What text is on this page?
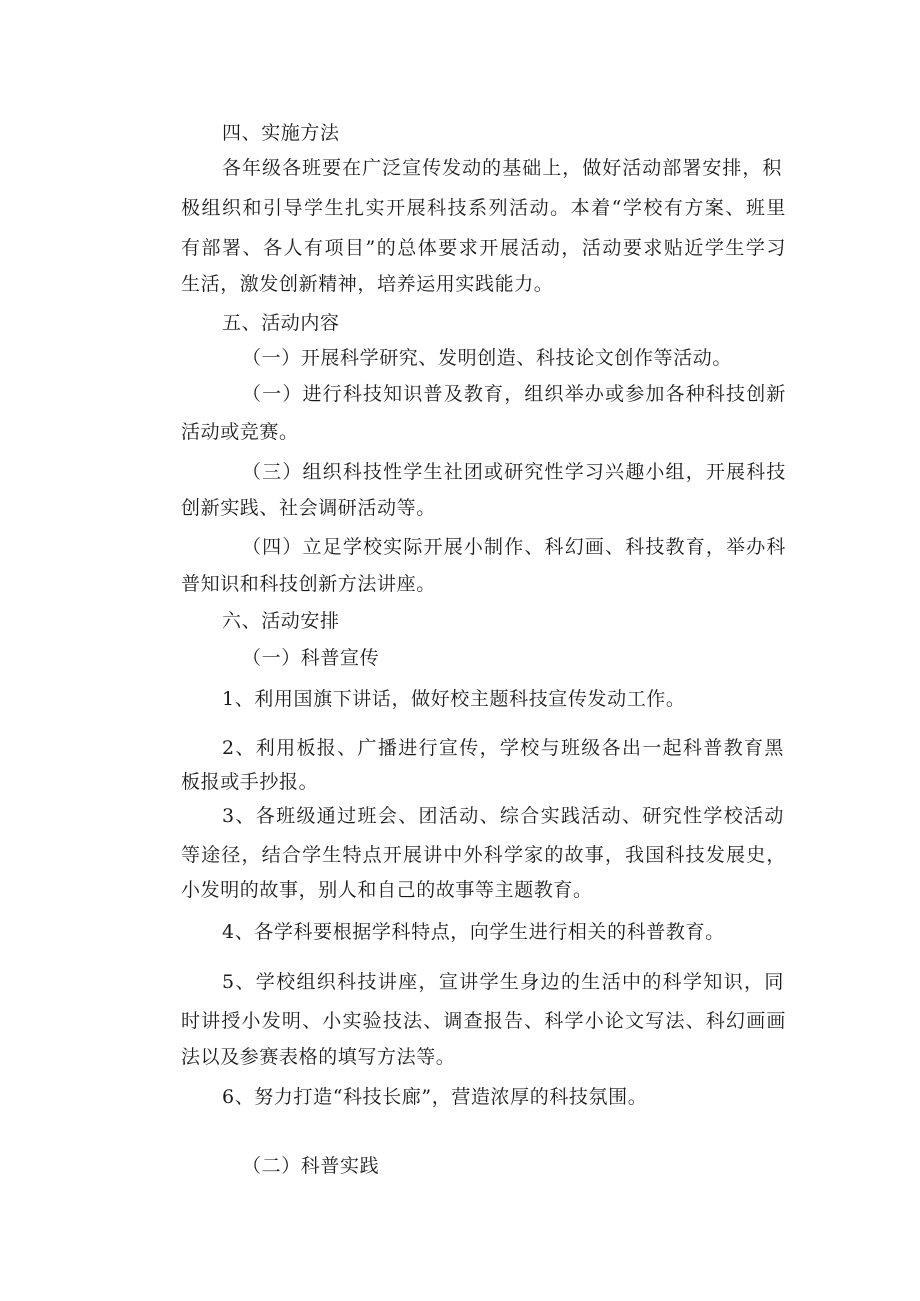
四、实施方法
各年级各班要在广泛宣传发动的基础上，做好活动部署安排，积
极组织和引导学生扎实开展科技系列活动。本着“学校有方案、班里
有部署、各人有项目”的总体要求开展活动，活动要求贴近学生学习
生活，激发创新精神，培养运用实践能力。
五、活动内容
（一）开展科学研究、发明创造、科技论文创作等活动。
（一）进行科技知识普及教育，组织举办或参加各种科技创新
活动或竞赛。
（三）组织科技性学生社团或研究性学习兴趣小组，开展科技
创新实践、社会调研活动等。
（四）立足学校实际开展小制作、科幻画、科技教育，举办科
普知识和科技创新方法讲座。
六、活动安排
（一）科普宣传
1、利用国旗下讲话，做好校主题科技宣传发动工作。
2、利用板报、广播进行宣传，学校与班级各出一起科普教育黑
板报或手抄报。
3、各班级通过班会、团活动、综合实践活动、研究性学校活动
等途径，结合学生特点开展讲中外科学家的故事，我国科技发展史，
小发明的故事，别人和自己的故事等主题教育。
4、各学科要根据学科特点，向学生进行相关的科普教育。
5、学校组织科技讲座，宣讲学生身边的生活中的科学知识，同
时讲授小发明、小实验技法、调查报告、科学小论文写法、科幻画画
法以及参赛表格的填写方法等。
6、努力打造“科技长廊”，营造浓厚的科技氛围。
（二）科普实践
